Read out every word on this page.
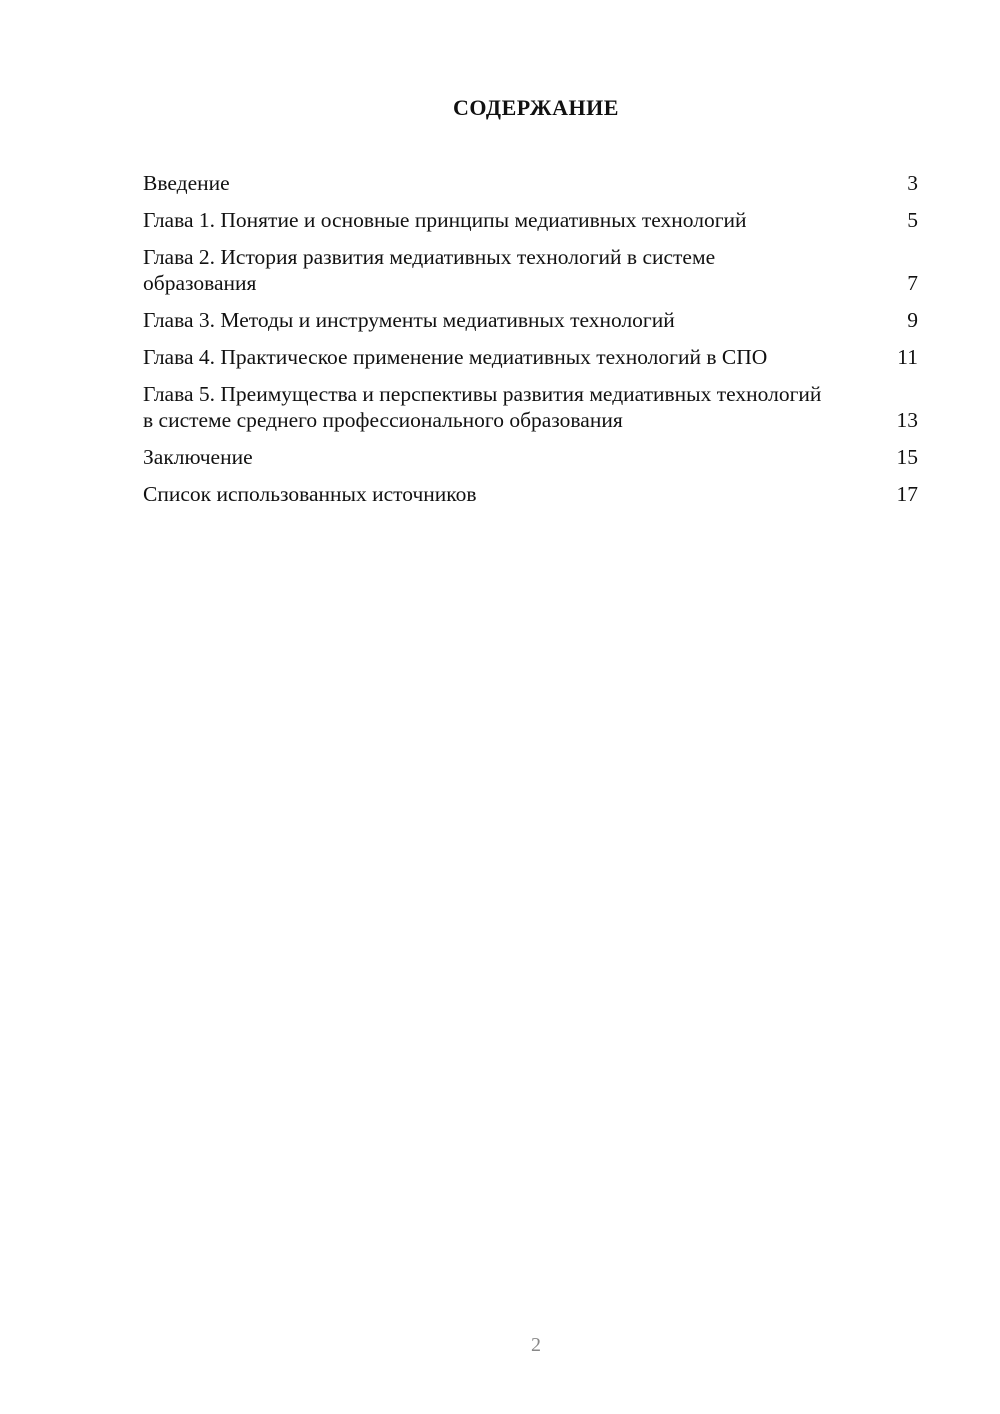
СОДЕРЖАНИЕ
Введение	3
Глава 1. Понятие и основные принципы медиативных технологий	5
Глава 2. История развития медиативных технологий в системе образования	7
Глава 3. Методы и инструменты медиативных технологий	9
Глава 4. Практическое применение медиативных технологий в СПО	11
Глава 5. Преимущества и перспективы развития медиативных технологий в системе среднего профессионального образования	13
Заключение	15
Список использованных источников	17
2
